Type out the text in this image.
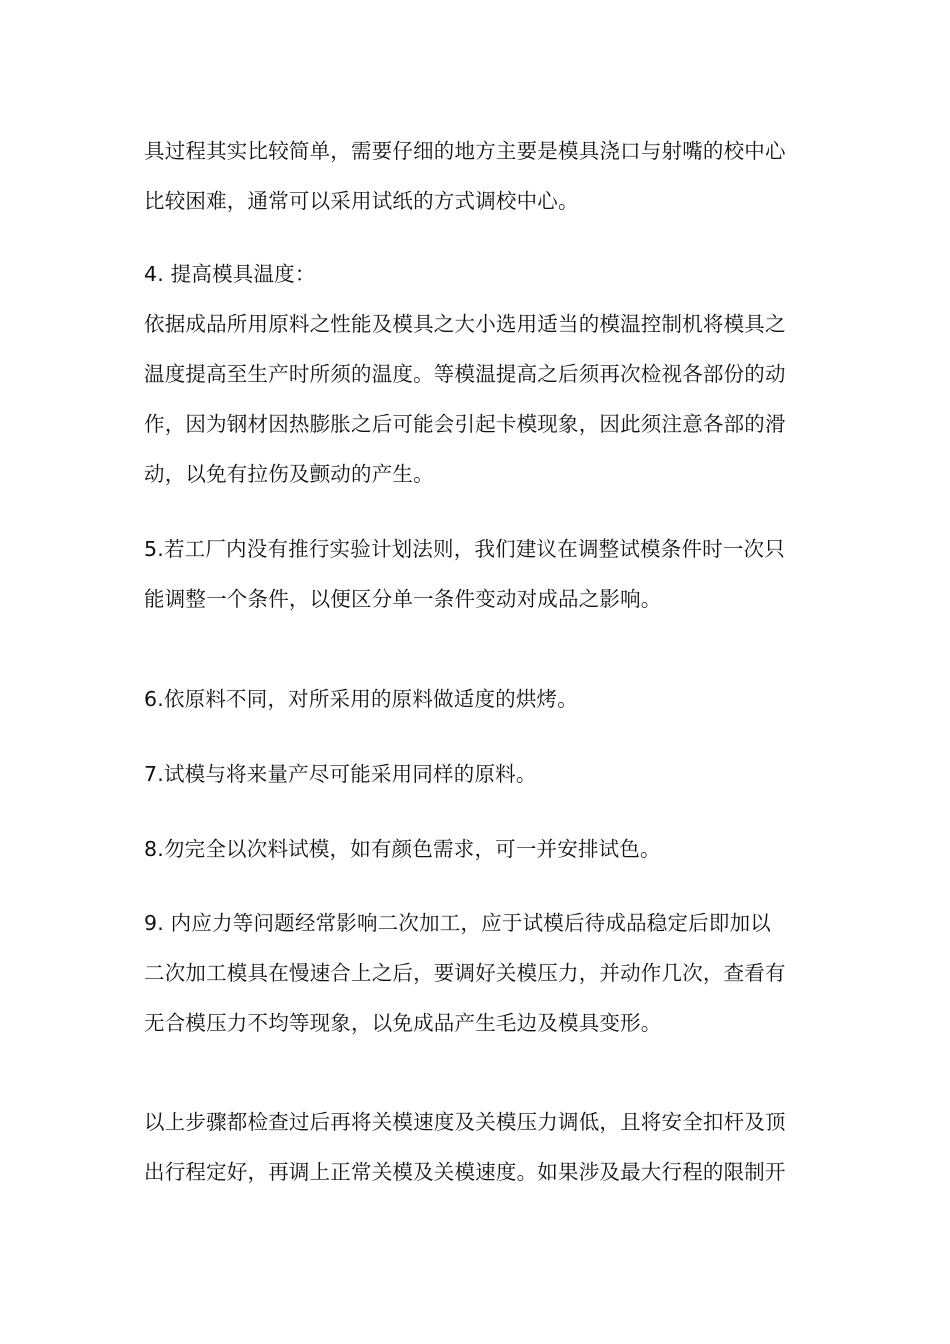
具过程其实比较简单，需要仔细的地方主要是模具浇口与射嘴的校中心
比较困难，通常可以采用试纸的方式调校中心。
4. 提高模具温度：
依据成品所用原料之性能及模具之大小选用适当的模温控制机将模具之
温度提高至生产时所须的温度。等模温提高之后须再次检视各部份的动
作，因为钢材因热膨胀之后可能会引起卡模现象，因此须注意各部的滑
动，以免有拉伤及颤动的产生。
5.若工厂内没有推行实验计划法则，我们建议在调整试模条件时一次只
能调整一个条件，以便区分单一条件变动对成品之影响。
6.依原料不同，对所采用的原料做适度的烘烤。
7.试模与将来量产尽可能采用同样的原料。
8.勿完全以次料试模，如有颜色需求，可一并安排试色。
9. 内应力等问题经常影响二次加工，应于试模后待成品稳定后即加以
二次加工模具在慢速合上之后，要调好关模压力，并动作几次，查看有
无合模压力不均等现象，以免成品产生毛边及模具变形。
以上步骤都检查过后再将关模速度及关模压力调低，且将安全扣杆及顶
出行程定好，再调上正常关模及关模速度。如果涉及最大行程的限制开
